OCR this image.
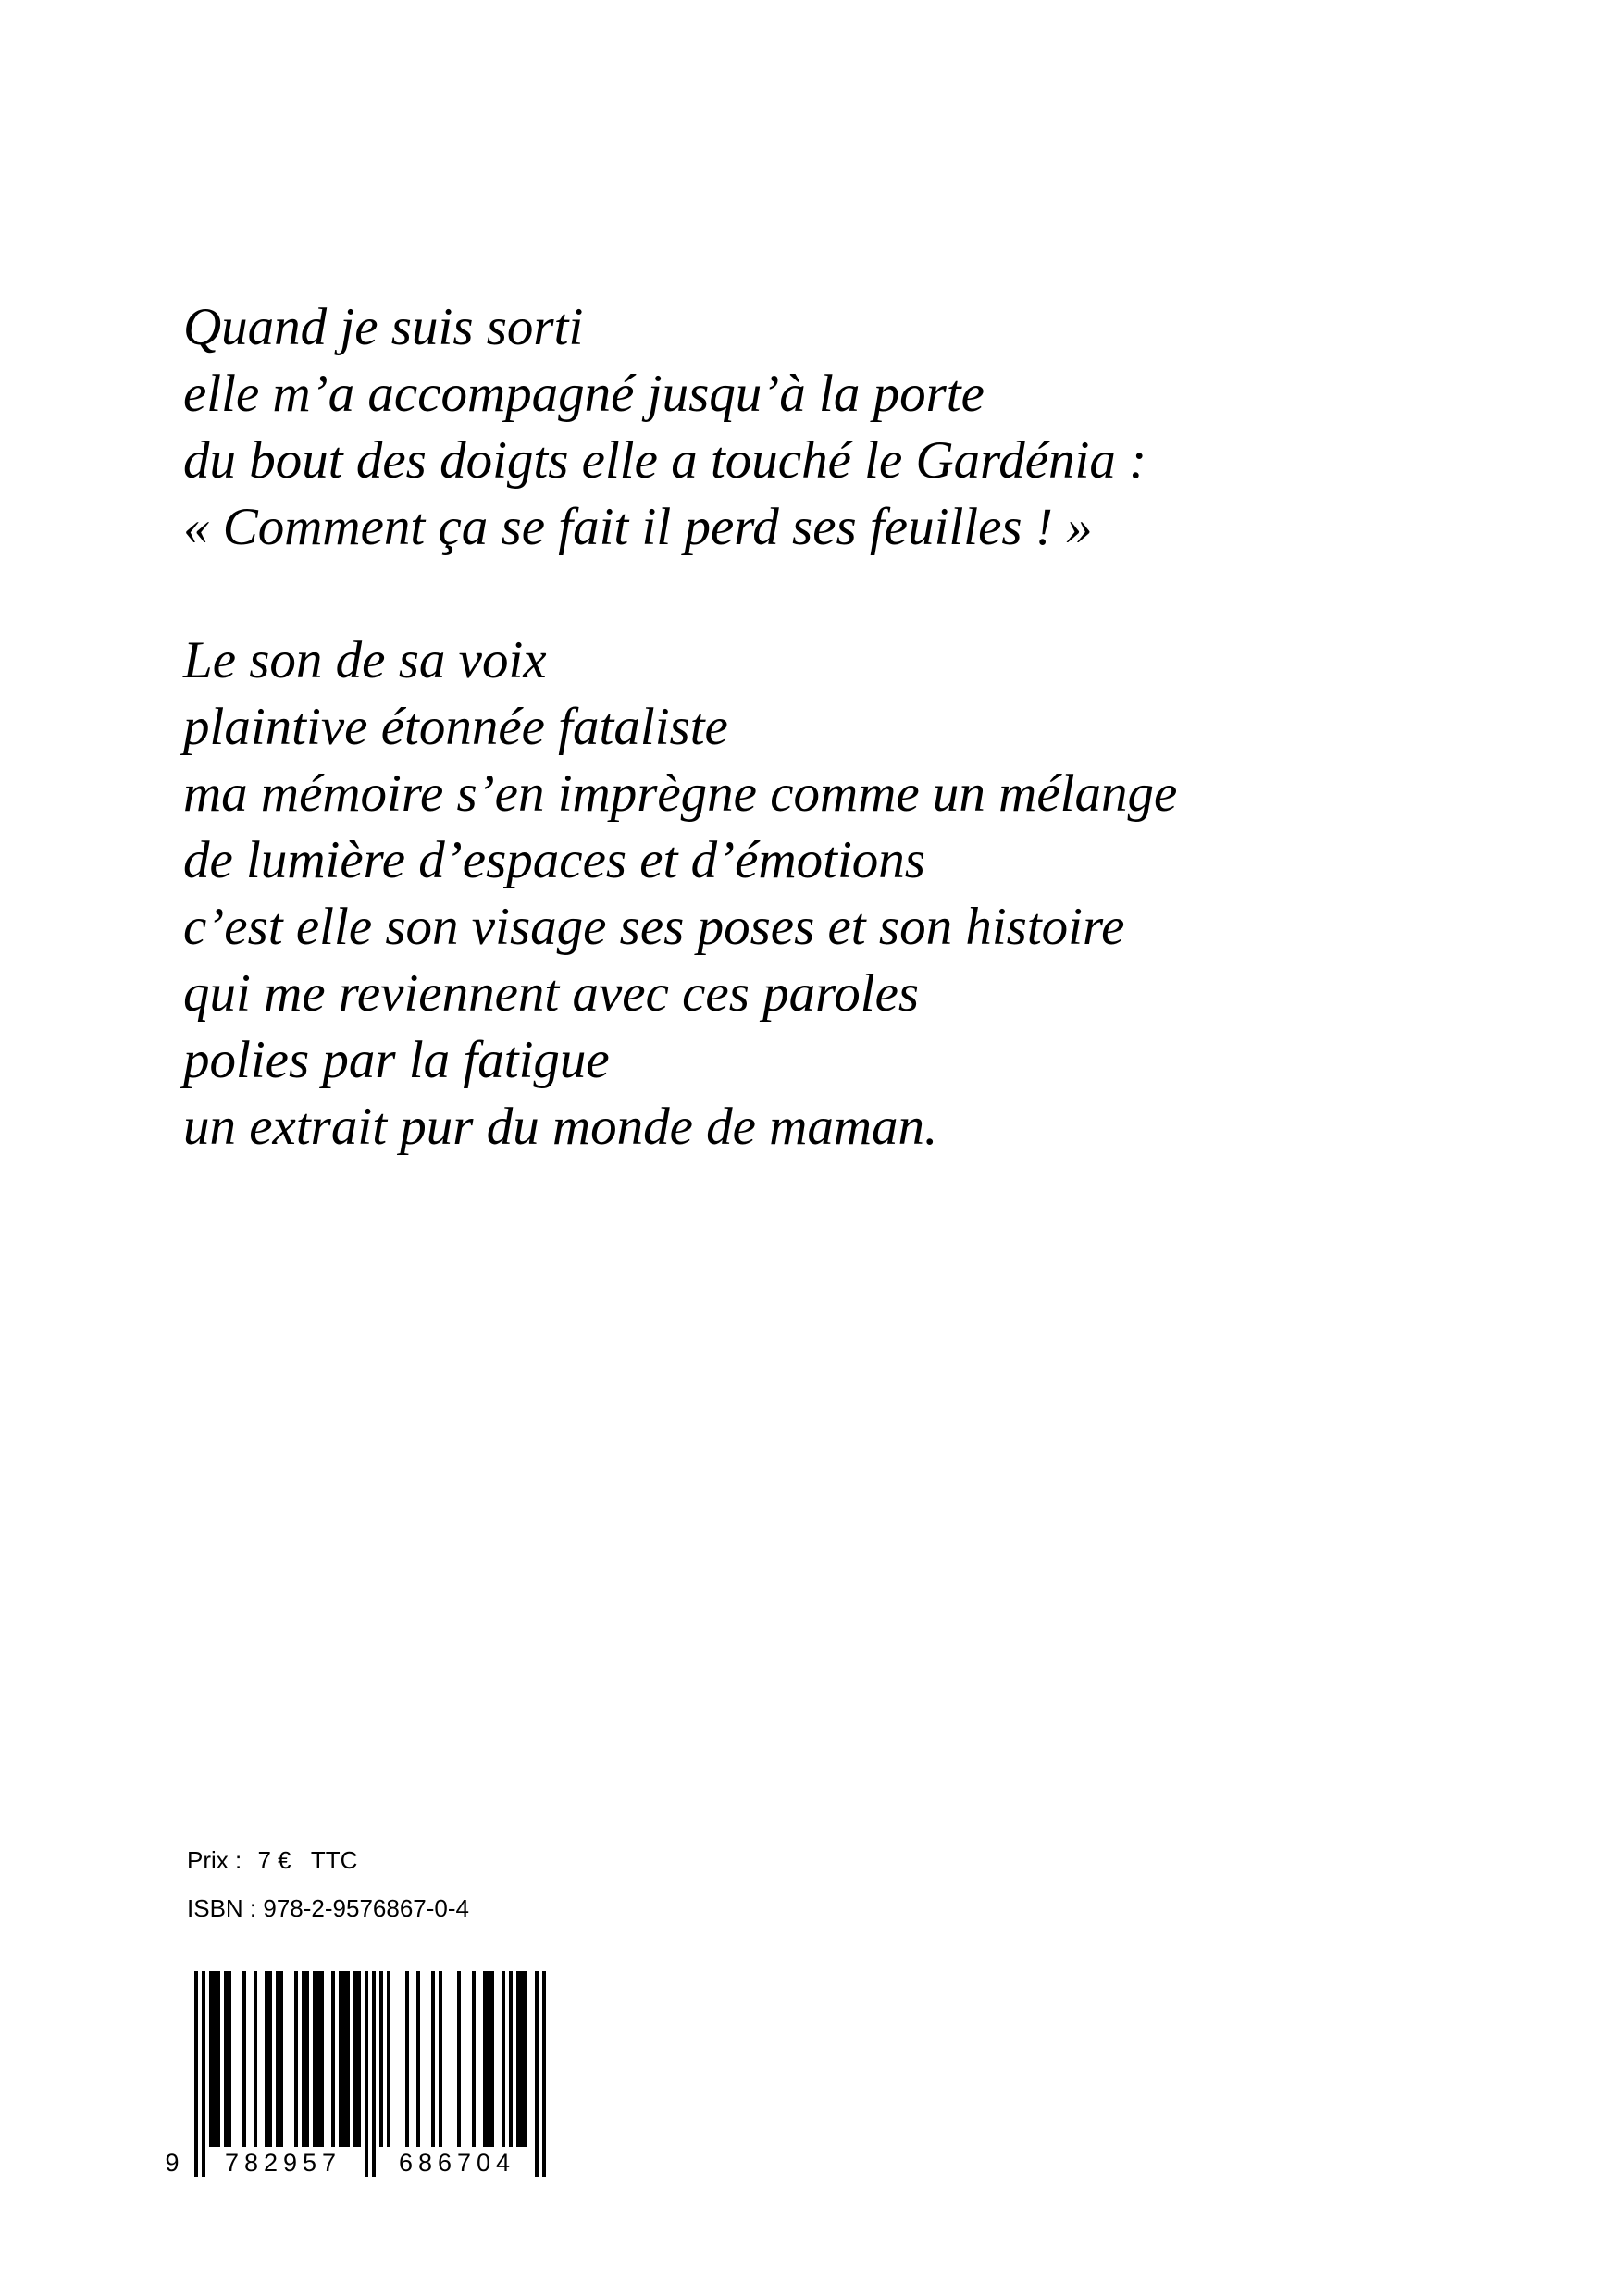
Quand je suis sorti
elle m’a accompagné jusqu’à la porte
du bout des doigts elle a touché le Gardénia :
« Comment ça se fait il perd ses feuilles ! »

Le son de sa voix
plaintive étonnée fataliste
ma mémoire s’en imprègne comme un mélange
de lumière d’espaces et d’émotions
c’est elle son visage ses poses et son histoire
qui me reviennent avec ces paroles
polies par la fatigue
un extrait pur du monde de maman.

Prix : 7 € TTC
ISBN : 978-2-9576867-0-4
9 782957 686704
